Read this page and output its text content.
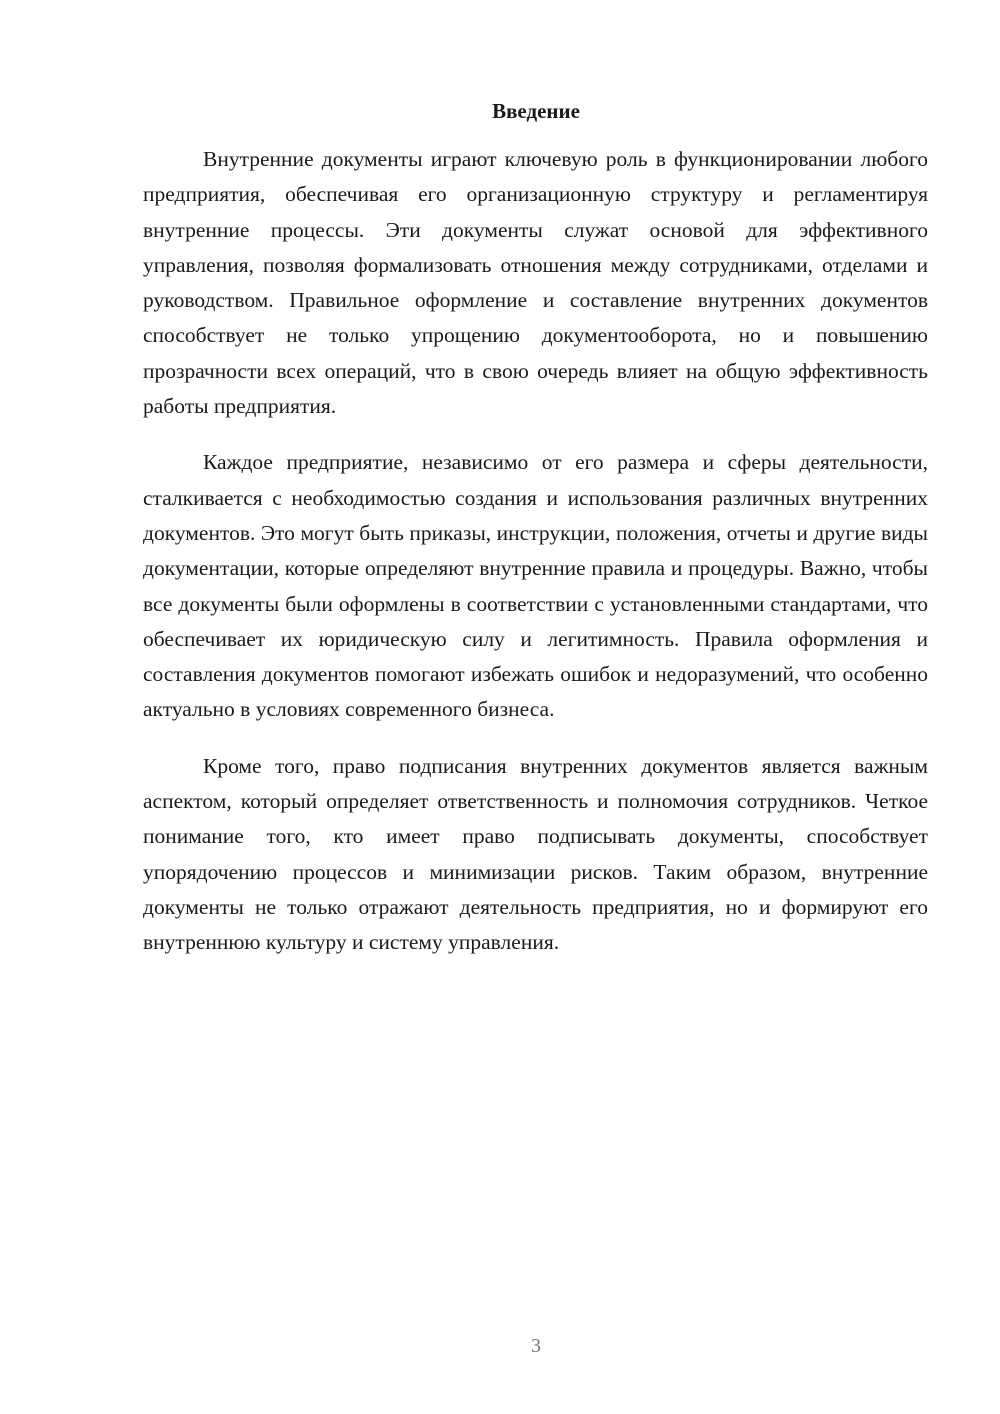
Введение

Внутренние документы играют ключевую роль в функционировании любого предприятия, обеспечивая его организационную структуру и регламентируя внутренние процессы. Эти документы служат основой для эффективного управления, позволяя формализовать отношения между сотрудниками, отделами и руководством. Правильное оформление и составление внутренних документов способствует не только упрощению документооборота, но и повышению прозрачности всех операций, что в свою очередь влияет на общую эффективность работы предприятия.

Каждое предприятие, независимо от его размера и сферы деятельности, сталкивается с необходимостью создания и использования различных внутренних документов. Это могут быть приказы, инструкции, положения, отчеты и другие виды документации, которые определяют внутренние правила и процедуры. Важно, чтобы все документы были оформлены в соответствии с установленными стандартами, что обеспечивает их юридическую силу и легитимность. Правила оформления и составления документов помогают избежать ошибок и недоразумений, что особенно актуально в условиях современного бизнеса.

Кроме того, право подписания внутренних документов является важным аспектом, который определяет ответственность и полномочия сотрудников. Четкое понимание того, кто имеет право подписывать документы, способствует упорядочению процессов и минимизации рисков. Таким образом, внутренние документы не только отражают деятельность предприятия, но и формируют его внутреннюю культуру и систему управления.

3
